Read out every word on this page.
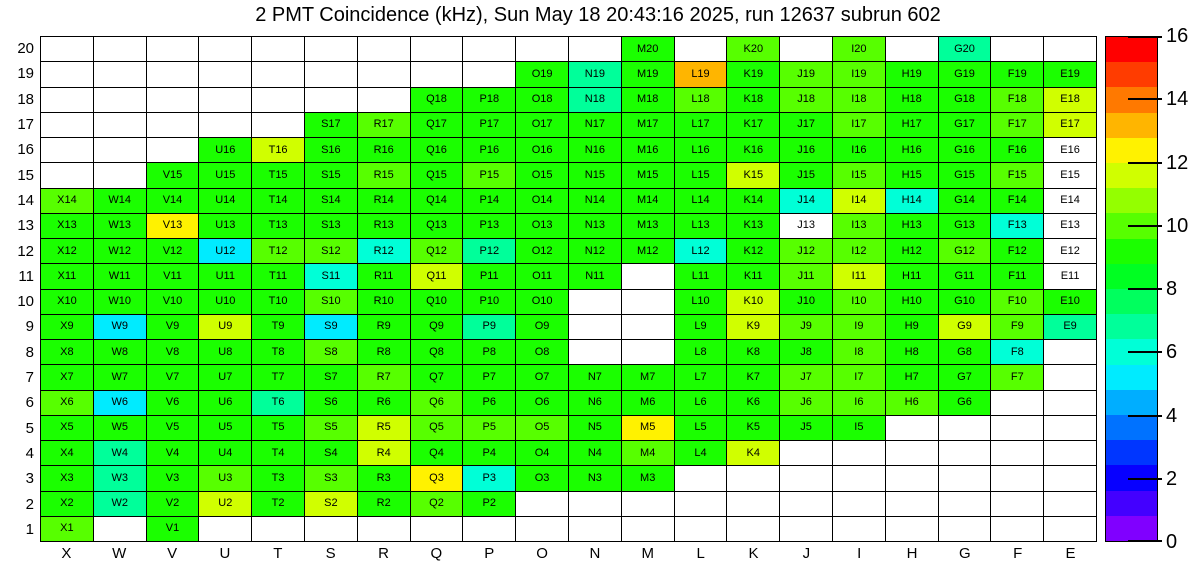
2 PMT Coincidence (kHz), Sun May 18 20:43:16 2025, run 12637 subrun 602
20
19
18
17
16
15
14
13
12
11
10
9
8
7
6
5
4
3
2
1
M20	K20	I20	G20
O19	N19	M19	L19	K19	J19	I19	H19	G19	F19	E19
Q18	P18	O18	N18	M18	L18	K18	J18	I18	H18	G18	F18	E18
S17	R17	Q17	P17	O17	N17	M17	L17	K17	J17	I17	H17	G17	F17	E17
U16	T16	S16	R16	Q16	P16	O16	N16	M16	L16	K16	J16	I16	H16	G16	F16	E16
V15	U15	T15	S15	R15	Q15	P15	O15	N15	M15	L15	K15	J15	I15	H15	G15	F15	E15
X14	W14	V14	U14	T14	S14	R14	Q14	P14	O14	N14	M14	L14	K14	J14	I14	H14	G14	F14	E14
X13	W13	V13	U13	T13	S13	R13	Q13	P13	O13	N13	M13	L13	K13	J13	I13	H13	G13	F13	E13
X12	W12	V12	U12	T12	S12	R12	Q12	P12	O12	N12	M12	L12	K12	J12	I12	H12	G12	F12	E12
X11	W11	V11	U11	T11	S11	R11	Q11	P11	O11	N11	L11	K11	J11	I11	H11	G11	F11	E11
X10	W10	V10	U10	T10	S10	R10	Q10	P10	O10	L10	K10	J10	I10	H10	G10	F10	E10
X9	W9	V9	U9	T9	S9	R9	Q9	P9	O9	L9	K9	J9	I9	H9	G9	F9	E9
X8	W8	V8	U8	T8	S8	R8	Q8	P8	O8	L8	K8	J8	I8	H8	G8	F8
X7	W7	V7	U7	T7	S7	R7	Q7	P7	O7	N7	M7	L7	K7	J7	I7	H7	G7	F7
X6	W6	V6	U6	T6	S6	R6	Q6	P6	O6	N6	M6	L6	K6	J6	I6	H6	G6
X5	W5	V5	U5	T5	S5	R5	Q5	P5	O5	N5	M5	L5	K5	J5	I5
X4	W4	V4	U4	T4	S4	R4	Q4	P4	O4	N4	M4	L4	K4
X3	W3	V3	U3	T3	S3	R3	Q3	P3	O3	N3	M3
X2	W2	V2	U2	T2	S2	R2	Q2	P2
X1	V1
X	W	V	U	T	S	R	Q	P	O	N	M	L	K	J	I	H	G	F	E
0
2
4
6
8
10
12
14
16
